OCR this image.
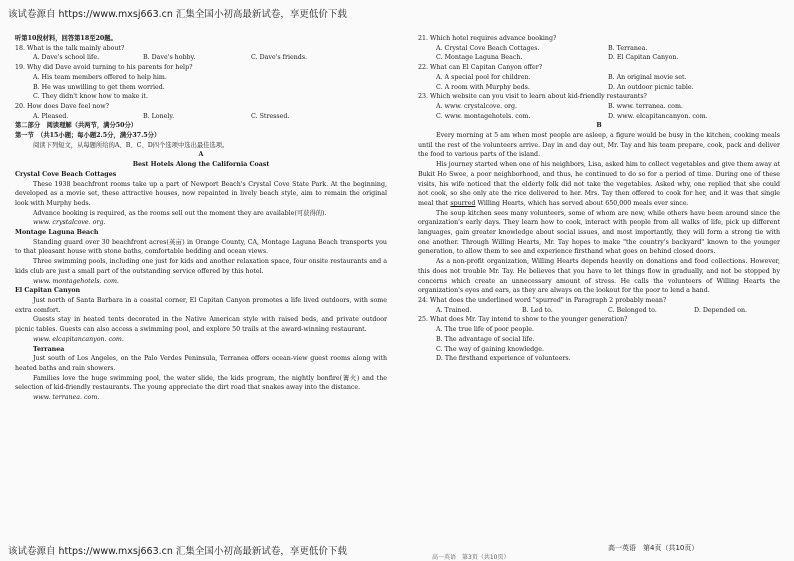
该试卷源自 https://www.mxsj663.cn 汇集全国小初高最新试卷，享更低价下载
听第10段材料，回答第18至20题。
18. What is the talk mainly about?
A. Dave's school life.	B. Dave's hobby.	C. Dave's friends.
19. Why did Dave avoid turning to his parents for help?
A. His team members offered to help him.
B. He was unwilling to get them worried.
C. They didn't know how to make it.
20. How does Dave feel now?
A. Pleased.	B. Lonely.	C. Stressed.
第二部分　阅读理解（共两节，满分50分）
第一节　（共15小题；每小题2.5分，满分37.5分）
阅读下列短文，从每题所给的A、B、C、D四个选项中选出最佳选项。
A
Best Hotels Along the California Coast
Crystal Cove Beach Cottages
These 1938 beachfront rooms take up a part of Newport Beach's Crystal Cove State Park. At the beginning, developed as a movie set, these attractive houses, now repainted in lively beach style, aim to remain the original look with Murphy beds.
Advance booking is required, as the rooms sell out the moment they are available(可获得的).
www. crystalcove. org.
Montage Laguna Beach
Standing guard over 30 beachfront acres(英亩) in Orange County, CA, Montage Laguna Beach transports you to that pleasant house with stone baths, comfortable bedding and ocean views.
Three swimming pools, including one just for kids and another relaxation space, four onsite restaurants and a kids club are just a small part of the outstanding service offered by this hotel.
www. montagehotels. com.
El Capitan Canyon
Just north of Santa Barbara in a coastal corner, El Capitan Canyon promotes a life lived outdoors, with some extra comfort.
Guests stay in heated tents decorated in the Native American style with raised beds, and private outdoor picnic tables. Guests can also access a swimming pool, and explore 50 trails at the award-winning restaurant.
www. elcapitancanyon. com.
Terranea
Just south of Los Angeles, on the Palo Verdes Peninsula, Terranea offers ocean-view guest rooms along with heated baths and rain showers.
Families love the huge swimming pool, the water slide, the kids program, the nightly bonfire(篝火) and the selection of kid-friendly restaurants. The young appreciate the dirt road that snakes away into the distance.
www. terranea. com.
21. Which hotel requires advance booking?
A. Crystal Cove Beach Cottages.	B. Terranea.
C. Montage Laguna Beach.	D. El Capitan Canyon.
22. What can El Capitan Canyon offer?
A. A special pool for children.	B. An original movie set.
C. A room with Murphy beds.	D. An outdoor picnic table.
23. Which website can you visit to learn about kid-friendly restaurants?
A. www. crystalcove. org.	B. www. terranea. com.
C. www. montagehotels. com.	D. www. elcapitancanyon. com.
B
Every morning at 5 am when most people are asleep, a figure would be busy in the kitchen, cooking meals until the rest of the volunteers arrive. Day in and day out, Mr. Tay and his team prepare, cook, pack and deliver the food to various parts of the island.
His journey started when one of his neighbors, Lisa, asked him to collect vegetables and give them away at Bukit Ho Swee, a poor neighborhood, and thus, he continued to do so for a period of time. During one of these visits, his wife noticed that the elderly folk did not take the vegetables. Asked why, one replied that she could not cook, so she only ate the rice delivered to her. Mrs. Tay then offered to cook for her, and it was that single meal that spurred Willing Hearts, which has served about 650,000 meals ever since.
The soup kitchen sees many volunteers, some of whom are new, while others have been around since the organization's early days. They learn how to cook, interact with people from all walks of life, pick up different languages, gain greater knowledge about social issues, and most importantly, they will form a strong tie with one another. Through Willing Hearts, Mr. Tay hopes to make "the country's backyard" known to the younger generation, to allow them to see and experience firsthand what goes on behind closed doors.
As a non-profit organization, Willing Hearts depends heavily on donations and food collections. However, this does not trouble Mr. Tay. He believes that you have to let things flow in gradually, and not be stopped by concerns which create an unnecessary amount of stress. He calls the volunteers of Willing Hearts the organization's eyes and ears, as they are always on the lookout for the poor to lend a hand.
24. What does the underlined word "spurred" in Paragraph 2 probably mean?
A. Trained.	B. Led to.	C. Belonged to.	D. Depended on.
25. What does Mr. Tay intend to show to the younger generation?
A. The true life of poor people.
B. The advantage of social life.
C. The way of gaining knowledge.
D. The firsthand experience of volunteers.
高一英语　第4页（共10页）
该试卷源自 https://www.mxsj663.cn 汇集全国小初高最新试卷，享更低价下载
高一英语　第3页（共10页）
